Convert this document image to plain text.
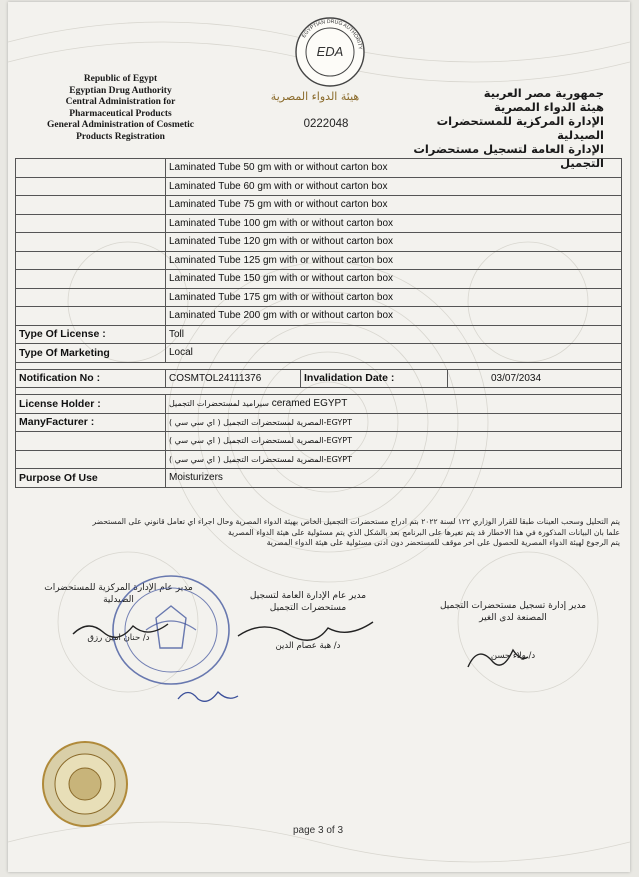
Republic of Egypt
Egyptian Drug Authority
Central Administration for
Pharmaceutical Products
General Administration of Cosmetic
Products Registration
EGYPTIAN DRUG AUTHORITY
EDA
هيئة الدواء المصرية
0222048
جمهورية مصر العربية
هيئة الدواء المصرية
الإدارة المركزية للمستحضرات الصيدلية
الإدارة العامة لتسجيل مستحضرات التجميل
	Laminated Tube 50 gm with or without carton box		
	Laminated Tube 60 gm with or without carton box		
	Laminated Tube 75 gm with or without carton box		
	Laminated Tube 100 gm with or without carton box		
	Laminated Tube 120 gm with or without carton box		
	Laminated Tube 125 gm with or without carton box		
	Laminated Tube 150 gm with or without carton box		
	Laminated Tube 175 gm with or without carton box		
	Laminated Tube 200 gm with or without carton box		
Type Of License :	Toll		
Type Of Marketing	Local		

Notification No :	COSMTOL24111376	Invalidation Date :	03/07/2034

License Holder :	سيراميد لمستحضرات التجميل ceramed EGYPT		
ManyFacturer :	المصرية لمستحضرات التجميل ( اي سي سي )-EGYPT		
	المصرية لمستحضرات التجميل ( اي سي سي )-EGYPT		
	المصرية لمستحضرات التجميل ( اي سي سي )-EGYPT		
Purpose Of Use	Moisturizers		
يتم التحليل وسحب العينات طبقا للقرار الوزاري ١٢٢ لسنة ٢٠٢٢ بتم ادراج مستحضرات التجميل الخاص بهيئة الدواء المصرية وحال اجراء اي تعامل قانوني على المستحضر
علما بان البيانات المذكورة في هذا الاخطار قد يتم تغيرها على البرنامج بعد بالشكل الذي يتم مسئولية على هيئة الدواء المصرية
يتم الرجوع لهيئة الدواء المصرية للحصول على اخر موقف للمستحضر دون ادنى مسئولية على هيئة الدواء المصرية
مدير عام الإدارة المركزية للمستحضرات
الصيدلية
د/ حنان امين رزق
مدير عام الإدارة العامة لتسجيل
مستحضرات التجميل
د/ هبة عصام الدين
مدير إدارة تسجيل مستحضرات التجميل
المصنعة لدى الغير
د/ ولاء حسن
page 3 of 3
